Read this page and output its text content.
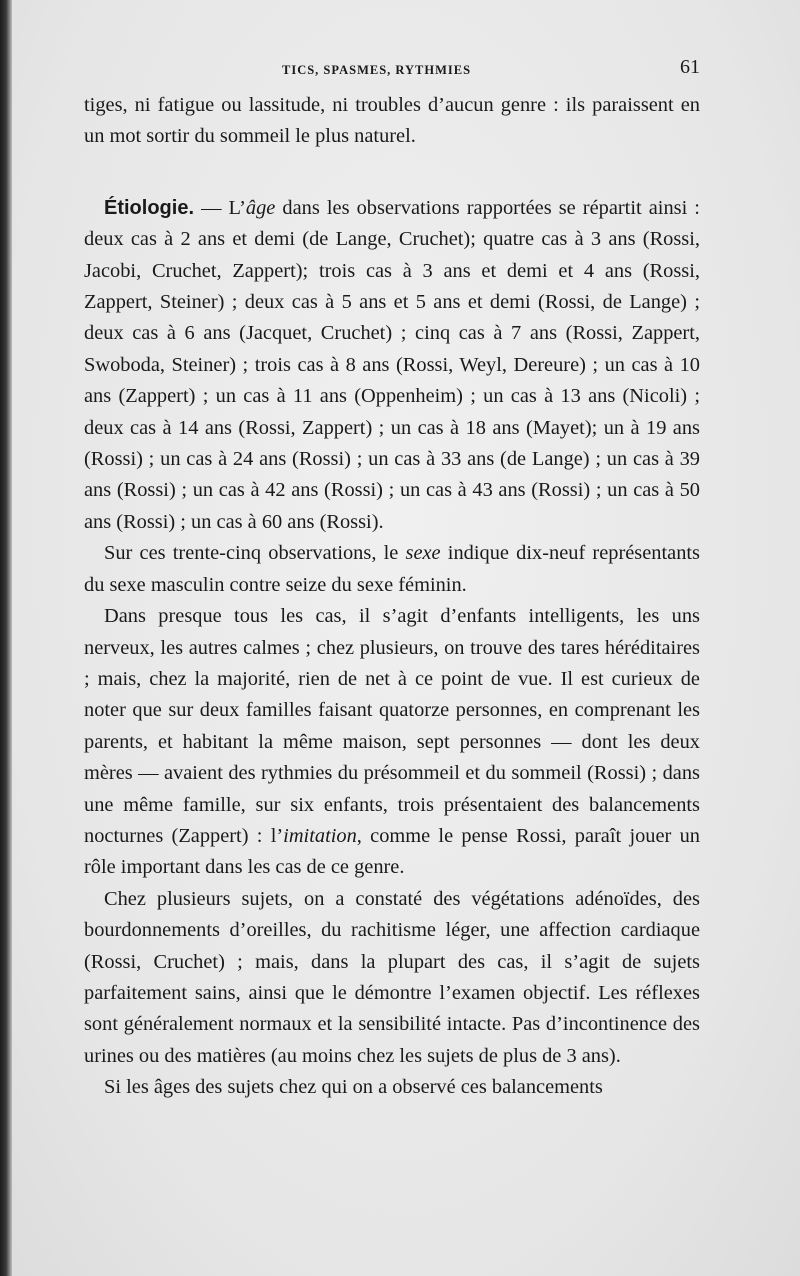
TICS, SPASMES, RYTHMIES	61

tiges, ni fatigue ou lassitude, ni troubles d’aucun genre : ils paraissent en un mot sortir du sommeil le plus naturel.

Étiologie. — L’âge dans les observations rapportées se répartit ainsi : deux cas à 2 ans et demi (de Lange, Cruchet); quatre cas à 3 ans (Rossi, Jacobi, Cruchet, Zappert); trois cas à 3 ans et demi et 4 ans (Rossi, Zappert, Steiner) ; deux cas à 5 ans et 5 ans et demi (Rossi, de Lange) ; deux cas à 6 ans (Jacquet, Cruchet) ; cinq cas à 7 ans (Rossi, Zappert, Swoboda, Steiner) ; trois cas à 8 ans (Rossi, Weyl, Dereure) ; un cas à 10 ans (Zappert) ; un cas à 11 ans (Oppenheim) ; un cas à 13 ans (Nicoli) ; deux cas à 14 ans (Rossi, Zappert) ; un cas à 18 ans (Mayet); un à 19 ans (Rossi) ; un cas à 24 ans (Rossi) ; un cas à 33 ans (de Lange) ; un cas à 39 ans (Rossi) ; un cas à 42 ans (Rossi) ; un cas à 43 ans (Rossi) ; un cas à 50 ans (Rossi) ; un cas à 60 ans (Rossi).

Sur ces trente-cinq observations, le sexe indique dix-neuf représentants du sexe masculin contre seize du sexe féminin.

Dans presque tous les cas, il s’agit d’enfants intelligents, les uns nerveux, les autres calmes ; chez plusieurs, on trouve des tares héréditaires ; mais, chez la majorité, rien de net à ce point de vue. Il est curieux de noter que sur deux familles faisant quatorze personnes, en comprenant les parents, et habitant la même maison, sept personnes — dont les deux mères — avaient des rythmies du présommeil et du sommeil (Rossi) ; dans une même famille, sur six enfants, trois présentaient des balancements nocturnes (Zappert) : l’imitation, comme le pense Rossi, paraît jouer un rôle important dans les cas de ce genre.

Chez plusieurs sujets, on a constaté des végétations adénoïdes, des bourdonnements d’oreilles, du rachitisme léger, une affection cardiaque (Rossi, Cruchet) ; mais, dans la plupart des cas, il s’agit de sujets parfaitement sains, ainsi que le démontre l’examen objectif. Les réflexes sont généralement normaux et la sensibilité intacte. Pas d’incontinence des urines ou des matières (au moins chez les sujets de plus de 3 ans).

Si les âges des sujets chez qui on a observé ces balancements
